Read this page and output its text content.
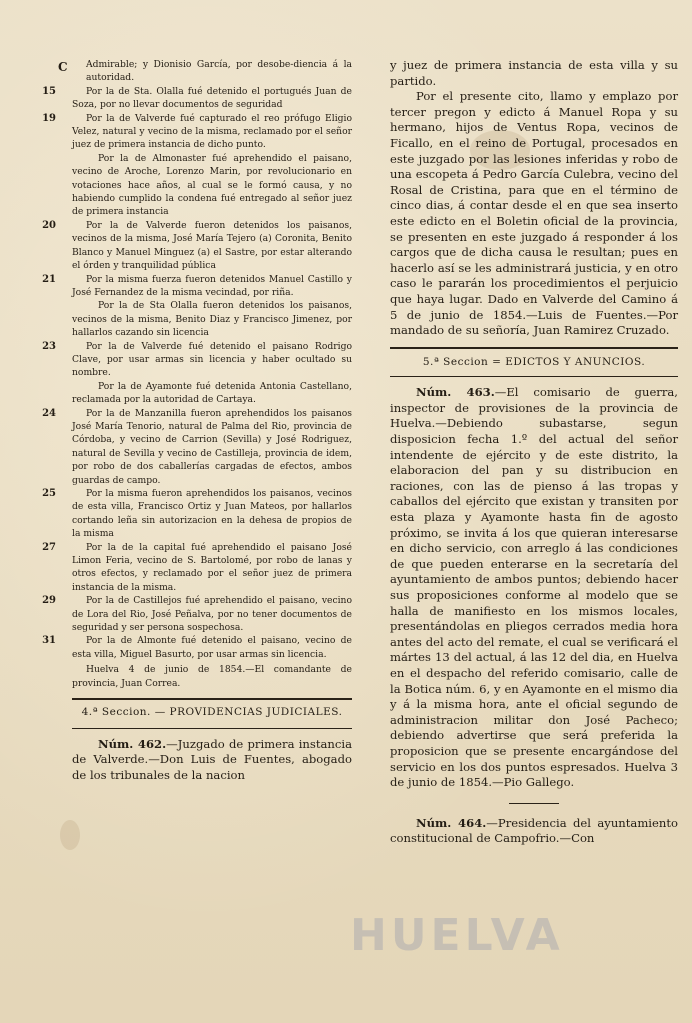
C	Admirable; y Dionisio García, por desobe-diencia á la autoridad.

15	Por la de Sta. Olalla fué detenido el portugués Juan de Soza, por no llevar documentos de seguridad

19	Por la de Valverde fué capturado el reo prófugo Eligio Velez, natural y vecino de la misma, reclamado por el señor juez de primera instancia de dicho punto.

Por la de Almonaster fué aprehendido el paisano, vecino de Aroche, Lorenzo Marin, por revolucionario en votaciones hace años, al cual se le formó causa, y no habiendo cumplido la condena fué entregado al señor juez de primera instancia

20	Por la de Valverde fueron detenidos los paisanos, vecinos de la misma, José María Tejero (a) Coronita, Benito Blanco y Manuel Minguez (a) el Sastre, por estar alterando el órden y tranquilidad pública

21	Por la misma fuerza fueron detenidos Manuel Castillo y José Fernandez de la misma vecindad, por riña.

Por la de Sta Olalla fueron detenidos los paisanos, vecinos de la misma, Benito Diaz y Francisco Jimenez, por hallarlos cazando sin licencia

23	Por la de Valverde fué detenido el paisano Rodrigo Clave, por usar armas sin licencia y haber ocultado su nombre.

Por la de Ayamonte fué detenida Antonia Castellano, reclamada por la autoridad de Cartaya.

24	Por la de Manzanilla fueron aprehendidos los paisanos José María Tenorio, natural de Palma del Rio, provincia de Córdoba, y vecino de Carrion (Sevilla) y José Rodriguez, natural de Sevilla y vecino de Castilleja, provincia de idem, por robo de dos caballerías cargadas de efectos, ambos guardas de campo.

25	Por la misma fueron aprehendidos los paisanos, vecinos de esta villa, Francisco Ortiz y Juan Mateos, por hallarlos cortando leña sin autorizacion en la dehesa de propios de la misma

27	Por la de la capital fué aprehendido el paisano José Limon Feria, vecino de S. Bartolomé, por robo de lanas y otros efectos, y reclamado por el señor juez de primera instancia de la misma.

29	Por la de Castillejos fué aprehendido el paisano, vecino de Lora del Rio, José Peñalva, por no tener documentos de seguridad y ser persona sospechosa.

31	Por la de Almonte fué detenido el paisano, vecino de esta villa, Miguel Basurto, por usar armas sin licencia.

Huelva 4 de junio de 1854.—El comandante de provincia, Juan Correa.

4.ª Seccion. — PROVIDENCIAS JUDICIALES.

Núm. 462.—Juzgado de primera instancia de Valverde.—Don Luis de Fuentes, abogado de los tribunales de la nacion

y juez de primera instancia de esta villa y su partido.

Por el presente cito, llamo y emplazo por tercer pregon y edicto á Manuel Ropa y su hermano, hijos de Ventus Ropa, vecinos de Ficallo, en el reino de Portugal, procesados en este juzgado por las lesiones inferidas y robo de una escopeta á Pedro García Culebra, vecino del Rosal de Cristina, para que en el término de cinco dias, á contar desde el en que sea inserto este edicto en el Boletin oficial de la provincia, se presenten en este juzgado á responder á los cargos que de dicha causa le resultan; pues en hacerlo así se les administrará justicia, y en otro caso le pararán los procedimientos el perjuicio que haya lugar. Dado en Valverde del Camino á 5 de junio de 1854.—Luis de Fuentes.—Por mandado de su señoría, Juan Ramirez Cruzado.

5.ª Seccion = EDICTOS Y ANUNCIOS.

Núm. 463.—El comisario de guerra, inspector de provisiones de la provincia de Huelva.—Debiendo subastarse, segun disposicion fecha 1.º del actual del señor intendente de ejército y de este distrito, la elaboracion del pan y su distribucion en raciones, con las de pienso á las tropas y caballos del ejército que existan y transiten por esta plaza y Ayamonte hasta fin de agosto próximo, se invita á los que quieran interesarse en dicho servicio, con arreglo á las condiciones de que pueden enterarse en la secretaría del ayuntamiento de ambos puntos; debiendo hacer sus proposiciones conforme al modelo que se halla de manifiesto en los mismos locales, presentándolas en pliegos cerrados media hora antes del acto del remate, el cual se verificará el mártes 13 del actual, á las 12 del dia, en Huelva en el despacho del referido comisario, calle de la Botica núm. 6, y en Ayamonte en el mismo dia y á la misma hora, ante el oficial segundo de administracion militar don José Pacheco; debiendo advertirse que será preferida la proposicion que se presente encargándose del servicio en los dos puntos espresados. Huelva 3 de junio de 1854.—Pio Gallego.

Núm. 464.—Presidencia del ayuntamiento constitucional de Campofrio.—Con

HUELVA
